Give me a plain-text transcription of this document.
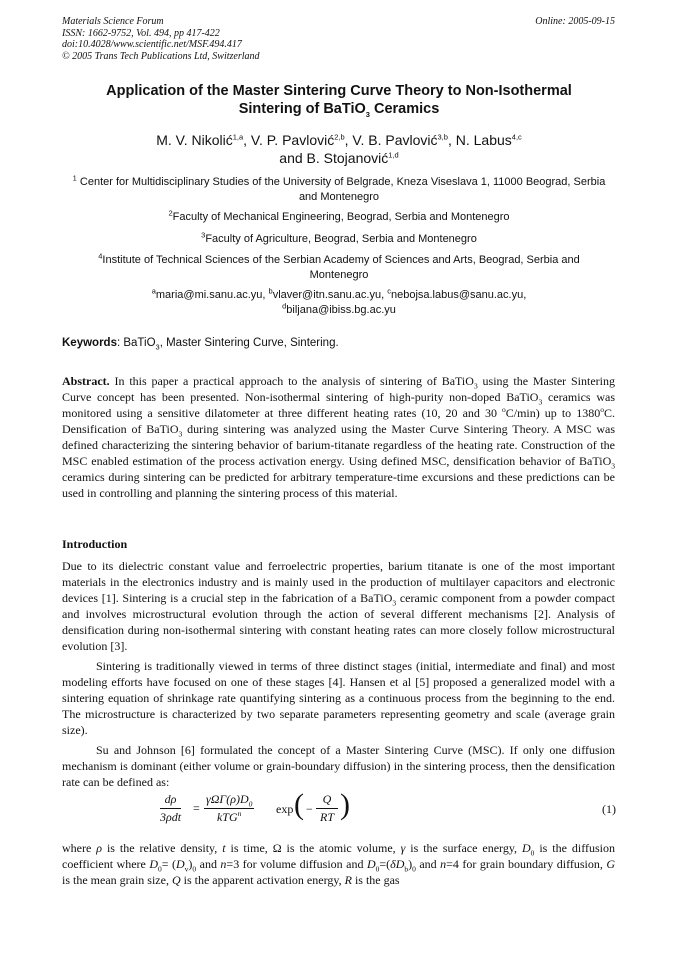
Materials Science Forum
ISSN: 1662-9752, Vol. 494, pp 417-422
doi:10.4028/www.scientific.net/MSF.494.417
© 2005 Trans Tech Publications Ltd, Switzerland
Online: 2005-09-15
Application of the Master Sintering Curve Theory to Non-Isothermal
Sintering of BaTiO$_3$ Ceramics
M. V. Nikolić$^{1,a}$, V. P. Pavlović$^{2,b}$, V. B. Pavlović$^{3,b}$, N. Labus$^{4,c}$
and B. Stojanović$^{1,d}$
$^1$ Center for Multidisciplinary Studies of the University of Belgrade, Kneza Viseslava 1, 11000 Beograd, Serbia and Montenegro
$^2$Faculty of Mechanical Engineering, Beograd, Serbia and Montenegro
$^3$Faculty of Agriculture, Beograd, Serbia and Montenegro
$^4$Institute of Technical Sciences of the Serbian Academy of Sciences and Arts, Beograd, Serbia and Montenegro
$^a$maria@mi.sanu.ac.yu, $^b$vlaver@itn.sanu.ac.yu, $^c$nebojsa.labus@sanu.ac.yu,
$^d$biljana@ibiss.bg.ac.yu
Keywords: BaTiO$_3$, Master Sintering Curve, Sintering.
Abstract. In this paper a practical approach to the analysis of sintering of BaTiO$_3$ using the Master Sintering Curve concept has been presented. Non-isothermal sintering of high-purity non-doped BaTiO$_3$ ceramics was monitored using a sensitive dilatometer at three different heating rates (10, 20 and 30 $^o$C/min) up to 1380$^o$C. Densification of BaTiO$_3$ during sintering was analyzed using the Master Curve Sintering Theory. A MSC was defined characterizing the sintering behavior of barium-titanate regardless of the heating rate. Construction of the MSC enabled estimation of the process activation energy. Using defined MSC, densification behavior of BaTiO$_3$ ceramics during sintering can be predicted for arbitrary temperature-time excursions and these predictions can be used in controlling and planning the sintering process of this material.
Introduction
Due to its dielectric constant value and ferroelectric properties, barium titanate is one of the most important materials in the electronics industry and is mainly used in the production of multilayer capacitors and electronic devices [1]. Sintering is a crucial step in the fabrication of a BaTiO$_3$ ceramic component from a powder compact and involves microstructural evolution through the action of several different mechanisms [2]. Analysis of densification during non-isothermal sintering with constant heating rates can more closely follow microstructural evolution [3].
Sintering is traditionally viewed in terms of three distinct stages (initial, intermediate and final) and most modeling efforts have focused on one of these stages [4]. Hansen et al [5] proposed a generalized model with a sintering equation of shrinkage rate quantifying sintering as a continuous process from the beginning to the end. The microstructure is characterized by two separate parameters representing geometry and scale (average grain size).
Su and Johnson [6] formulated the concept of a Master Sintering Curve (MSC). If only one diffusion mechanism is dominant (either volume or grain-boundary diffusion) in the sintering process, then the densification rate can be defined as:
dρ
3ρdt
=
$\gamma\Omega\Gamma(\rho)D_0$
kTG$^n$	exp ( − $\frac{Q}{RT}$ )	(1)
where ρ is the relative density, t is time, Ω is the atomic volume, γ is the surface energy, $D_0$ is the diffusion coefficient where $D_0= (D_v)_0$ and n=3 for volume diffusion and $D_0=(\delta D_b)_0$ and n=4 for grain boundary diffusion, G is the mean grain size, Q is the apparent activation energy, R is the gas
